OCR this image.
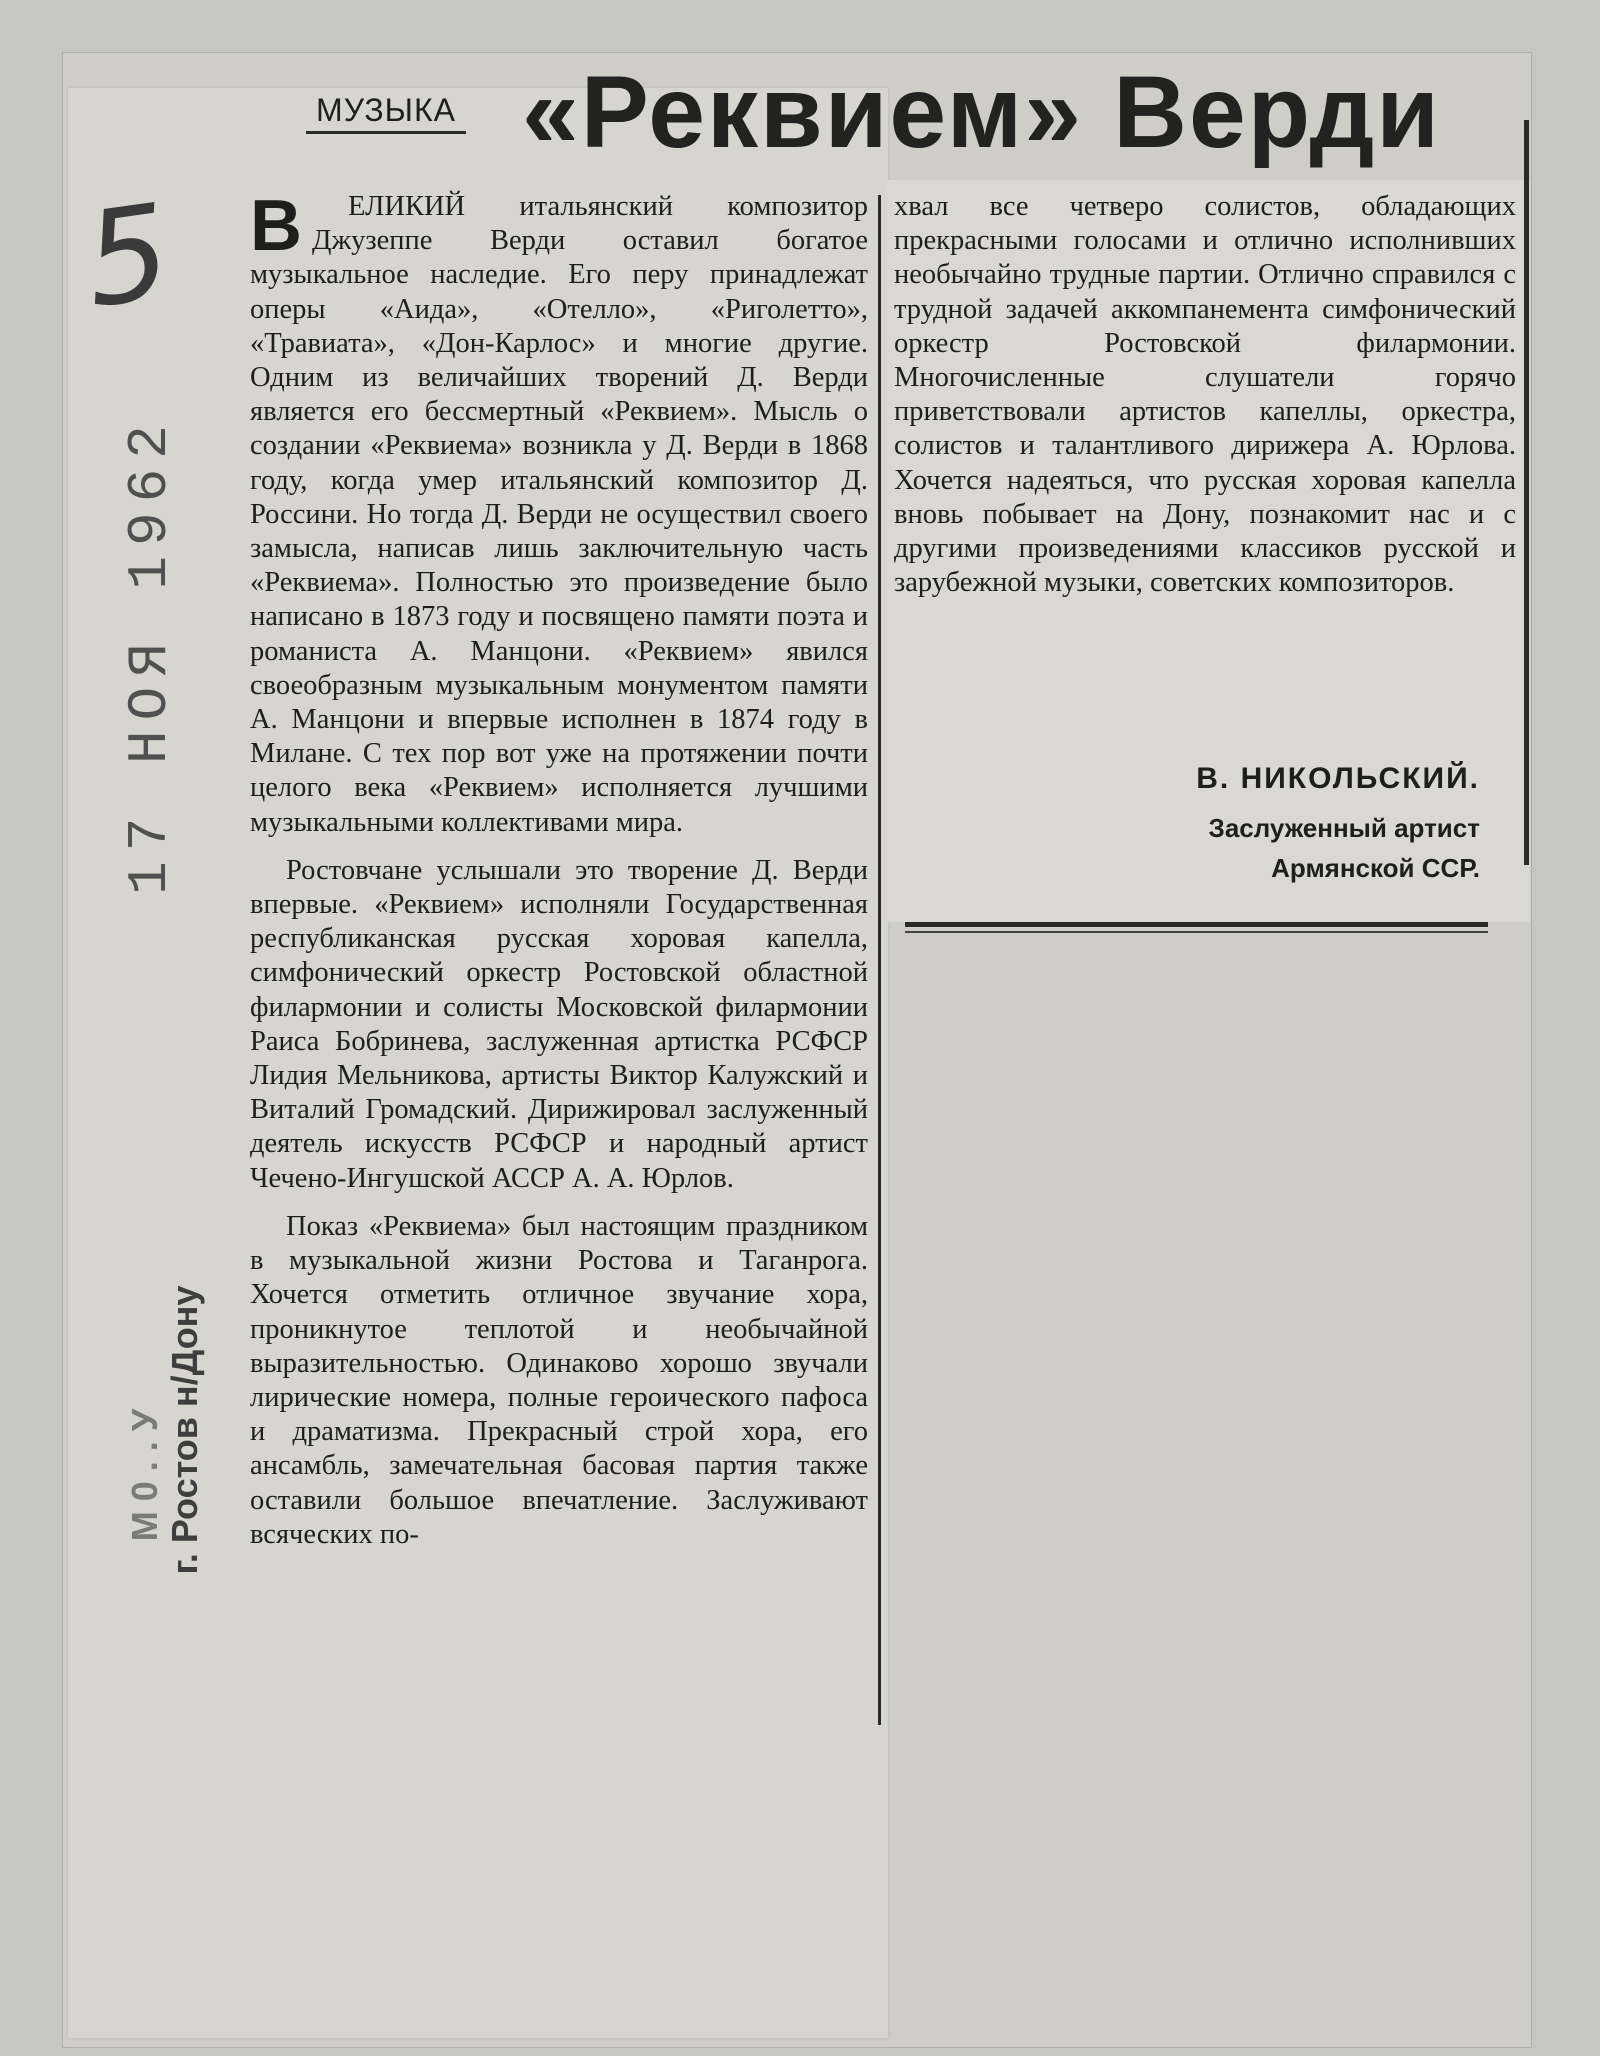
5
17 НОЯ 1962
г. Ростов н/Дону
М 0 . . У
МУЗЫКА «Реквием» Верди

В ЕЛИКИЙ итальянский композитор Джузеппе Верди оставил богатое музыкальное наследие. Его перу принадлежат оперы «Аида», «Отелло», «Риголетто», «Травиата», «Дон-Карлос» и многие другие. Одним из величайших творений Д. Верди является его бессмертный «Реквием». Мысль о создании «Реквиема» возникла у Д. Верди в 1868 году, когда умер итальянский композитор Д. Россини. Но тогда Д. Верди не осуществил своего замысла, написав лишь заключительную часть «Реквиема». Полностью это произведение было написано в 1873 году и посвящено памяти поэта и романиста А. Манцони. «Реквием» явился своеобразным музыкальным монументом памяти А. Манцони и впервые исполнен в 1874 году в Милане. С тех пор вот уже на протяжении почти целого века «Реквием» исполняется лучшими музыкальными коллективами мира.

Ростовчане услышали это творение Д. Верди впервые. «Реквием» исполняли Государственная республиканская русская хоровая капелла, симфонический оркестр Ростовской областной филармонии и солисты Московской филармонии Раиса Бобринева, заслуженная артистка РСФСР Лидия Мельникова, артисты Виктор Калужский и Виталий Громадский. Дирижировал заслуженный деятель искусств РСФСР и народный артист Чечено-Ингушской АССР А. А. Юрлов.

Показ «Реквиема» был настоящим праздником в музыкальной жизни Ростова и Таганрога. Хочется отметить отличное звучание хора, проникнутое теплотой и необычайной выразительностью. Одинаково хорошо звучали лирические номера, полные героического пафоса и драматизма. Прекрасный строй хора, его ансамбль, замечательная басовая партия также оставили большое впечатление. Заслуживают всяческих по-

хвал все четверо солистов, обладающих прекрасными голосами и отлично исполнивших необычайно трудные партии. Отлично справился с трудной задачей аккомпанемента симфонический оркестр Ростовской филармонии. Многочисленные слушатели горячо приветствовали артистов капеллы, оркестра, солистов и талантливого дирижера А. Юрлова. Хочется надеяться, что русская хоровая капелла вновь побывает на Дону, познакомит нас и с другими произведениями классиков русской и зарубежной музыки, советских композиторов.

В. НИКОЛЬСКИЙ.
Заслуженный артист
Армянской ССР.
